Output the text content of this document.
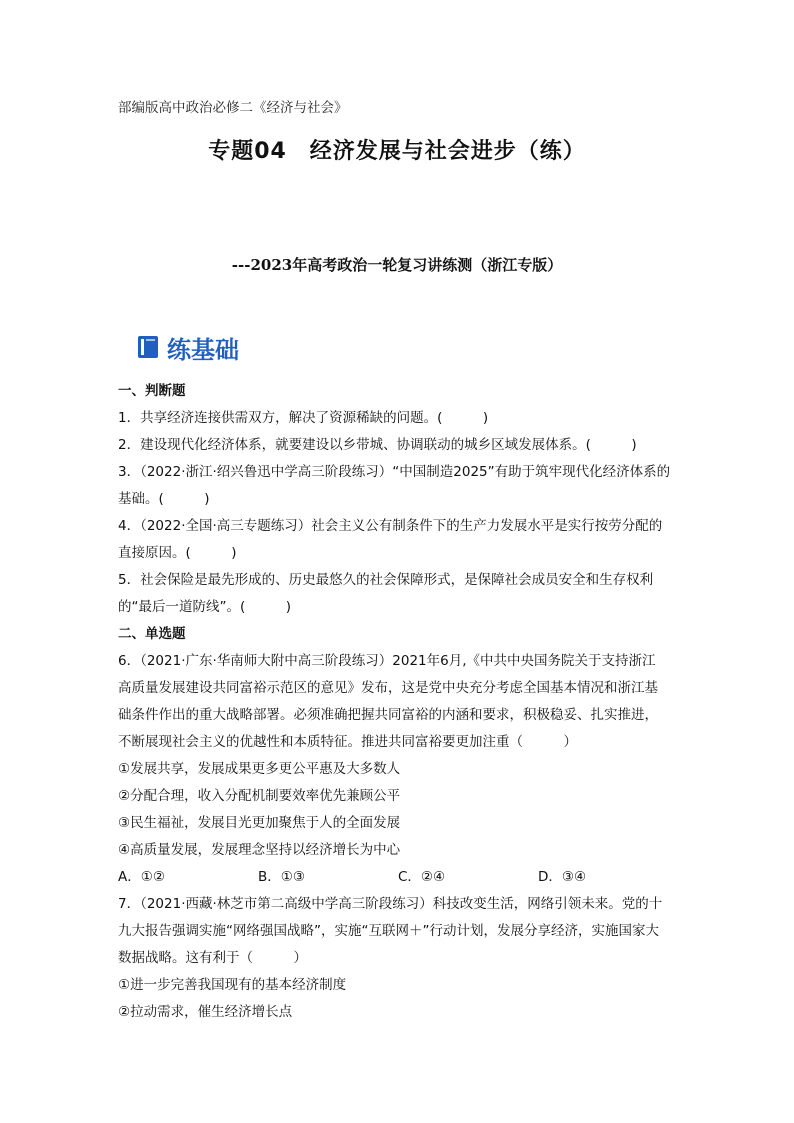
部编版高中政治必修二《经济与社会》
专题04　经济发展与社会进步（练）
---2023年高考政治一轮复习讲练测（浙江专版）
练基础
一、判断题
1．共享经济连接供需双方，解决了资源稀缺的问题。(　　　)
2．建设现代化经济体系，就要建设以乡带城、协调联动的城乡区域发展体系。(　　　)
3．（2022·浙江·绍兴鲁迅中学高三阶段练习）“中国制造2025”有助于筑牢现代化经济体系的
基础。(　　　)
4．（2022·全国·高三专题练习）社会主义公有制条件下的生产力发展水平是实行按劳分配的
直接原因。(　　　)
5．社会保险是最先形成的、历史最悠久的社会保障形式，是保障社会成员安全和生存权利
的“最后一道防线”。(　　　)
二、单选题
6．（2021·广东·华南师大附中高三阶段练习）2021年6月,《中共中央国务院关于支持浙江
高质量发展建设共同富裕示范区的意见》发布，这是党中央充分考虑全国基本情况和浙江基
础条件作出的重大战略部署。必须准确把握共同富裕的内涵和要求，积极稳妥、扎实推进，
不断展现社会主义的优越性和本质特征。推进共同富裕要更加注重（　　　）
①发展共享，发展成果更多更公平惠及大多数人
②分配合理，收入分配机制要效率优先兼顾公平
③民生福祉，发展目光更加聚焦于人的全面发展
④高质量发展，发展理念坚持以经济增长为中心
A．①②	B．①③	C．②④	D．③④
7．（2021·西藏·林芝市第二高级中学高三阶段练习）科技改变生活，网络引领未来。党的十
九大报告强调实施“网络强国战略”，实施“互联网＋”行动计划，发展分享经济，实施国家大
数据战略。这有利于（　　　）
①进一步完善我国现有的基本经济制度
②拉动需求，催生经济增长点
